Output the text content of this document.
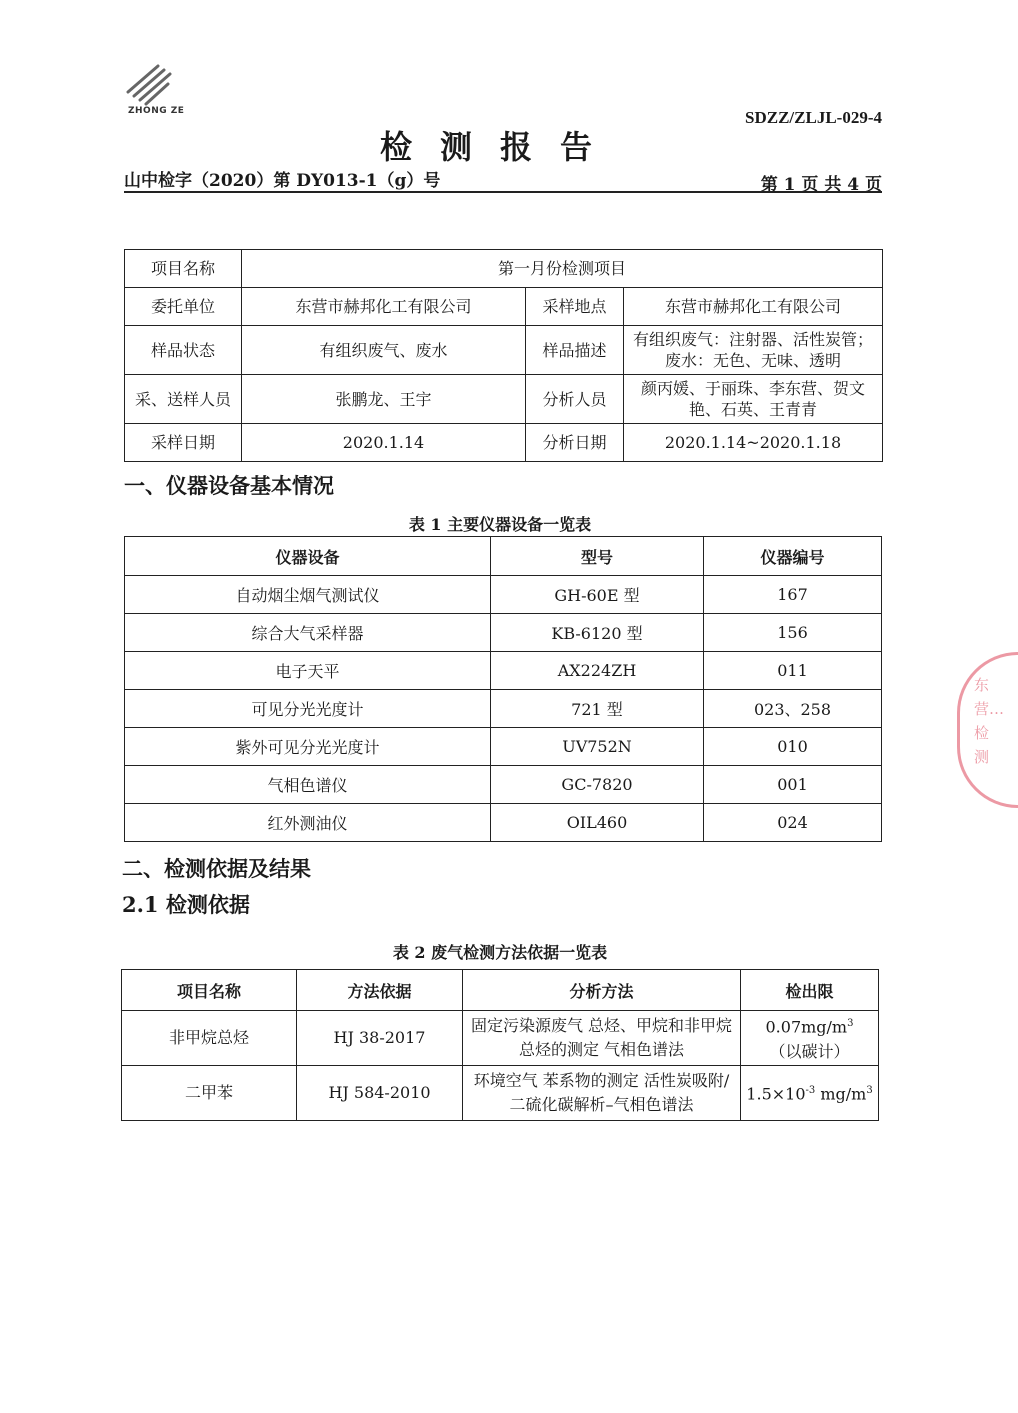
ZHONG ZE	SDZZ/ZLJL-029-4
检测报告
山中检字（2020）第 DY013-1（g）号	第 1 页 共 4 页
项目名称	第一月份检测项目		
委托单位	东营市赫邦化工有限公司	采样地点	东营市赫邦化工有限公司
样品状态	有组织废气、废水	样品描述	有组织废气：注射器、活性炭管；废水：无色、无味、透明
采、送样人员	张鹏龙、王宇	分析人员	颜丙媛、于丽珠、李东营、贺文艳、石英、王青青
采样日期	2020.1.14	分析日期	2020.1.14~2020.1.18
一、仪器设备基本情况
表 1 主要仪器设备一览表
仪器设备	型号	仪器编号
自动烟尘烟气测试仪	GH-60E 型	167
综合大气采样器	KB-6120 型	156
电子天平	AX224ZH	011
可见分光光度计	721 型	023、258
紫外可见分光光度计	UV752N	010
气相色谱仪	GC-7820	001
红外测油仪	OIL460	024
二、检测依据及结果
2.1 检测依据
表 2 废气检测方法依据一览表
项目名称	方法依据	分析方法	检出限
非甲烷总烃	HJ 38-2017	固定污染源废气 总烃、甲烷和非甲烷总烃的测定 气相色谱法	$0.07mg/m^3$
（以碳计）
二甲苯	HJ 584-2010	环境空气 苯系物的测定 活性炭吸附/二硫化碳解析–气相色谱法	$1.5\times 10^{-3}$ $mg/m^3$
东营…检测
